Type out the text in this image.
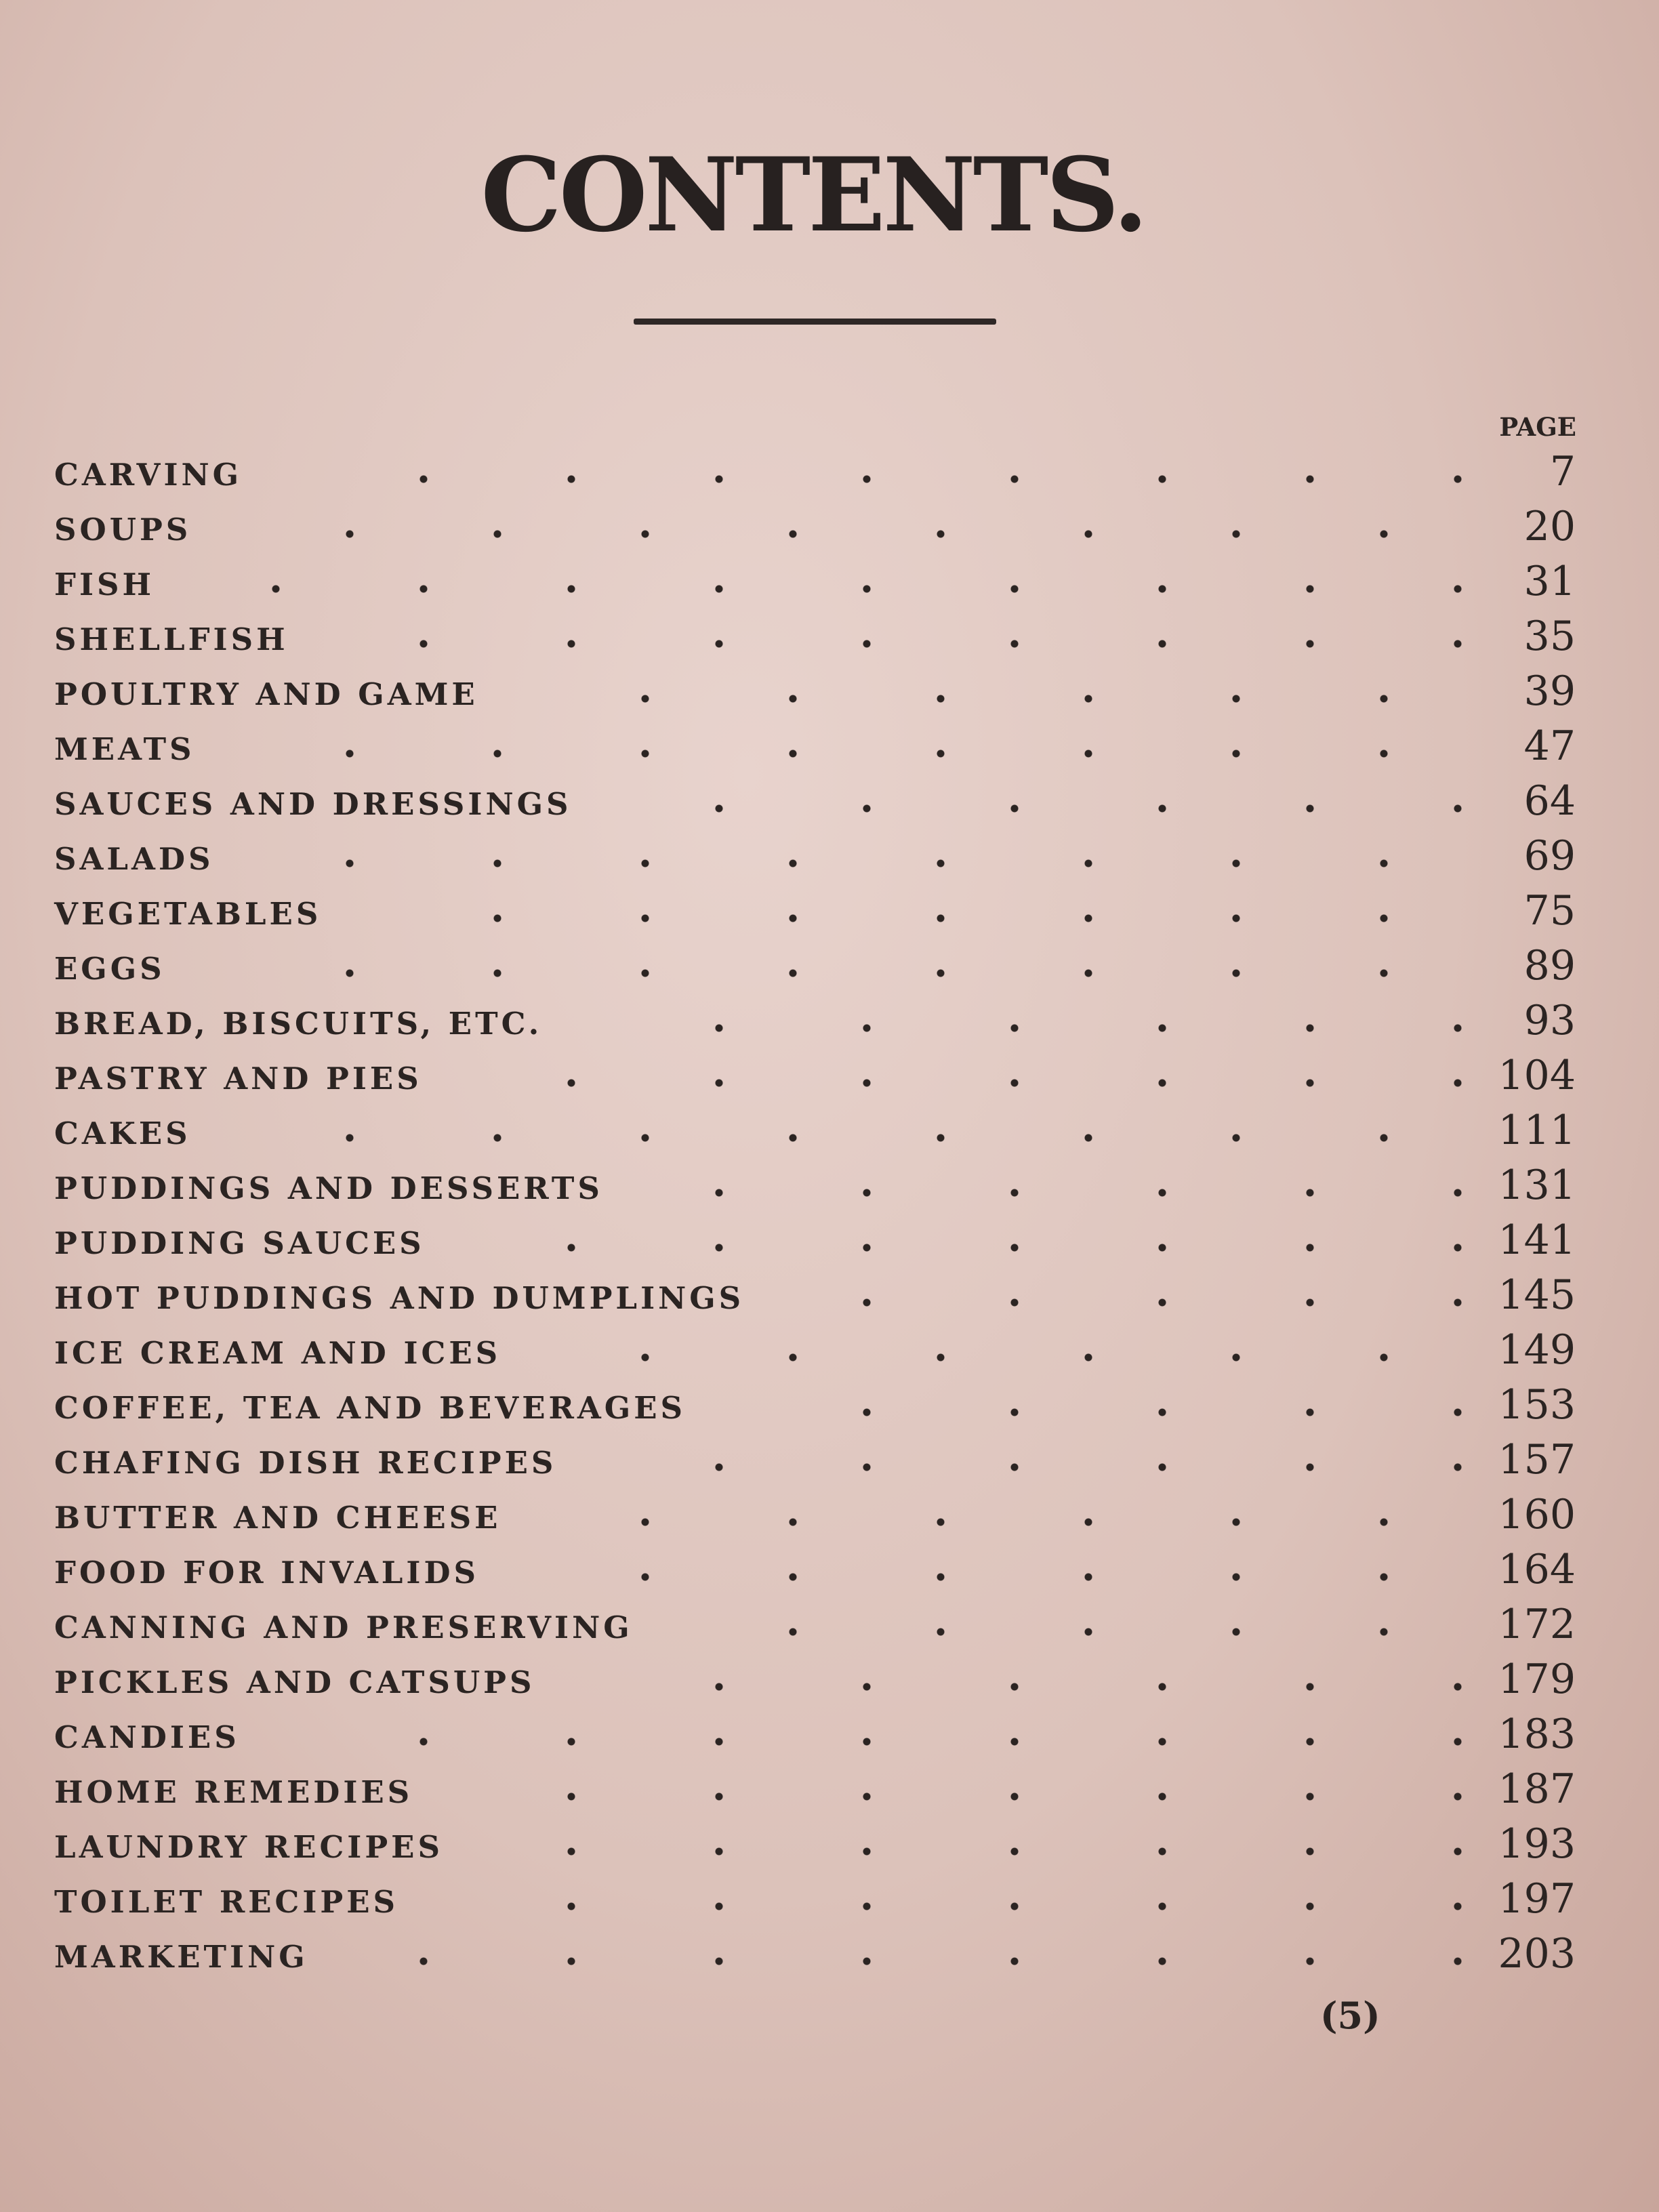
CONTENTS.
PAGE
CARVING	7
SOUPS	20
FISH	31
SHELLFISH	35
POULTRY AND GAME	39
MEATS	47
SAUCES AND DRESSINGS	64
SALADS	69
VEGETABLES	75
EGGS	89
BREAD, BISCUITS, ETC.	93
PASTRY AND PIES	104
CAKES	111
PUDDINGS AND DESSERTS	131
PUDDING SAUCES	141
HOT PUDDINGS AND DUMPLINGS	145
ICE CREAM AND ICES	149
COFFEE, TEA AND BEVERAGES	153
CHAFING DISH RECIPES	157
BUTTER AND CHEESE	160
FOOD FOR INVALIDS	164
CANNING AND PRESERVING	172
PICKLES AND CATSUPS	179
CANDIES	183
HOME REMEDIES	187
LAUNDRY RECIPES	193
TOILET RECIPES	197
MARKETING	203
(5)
